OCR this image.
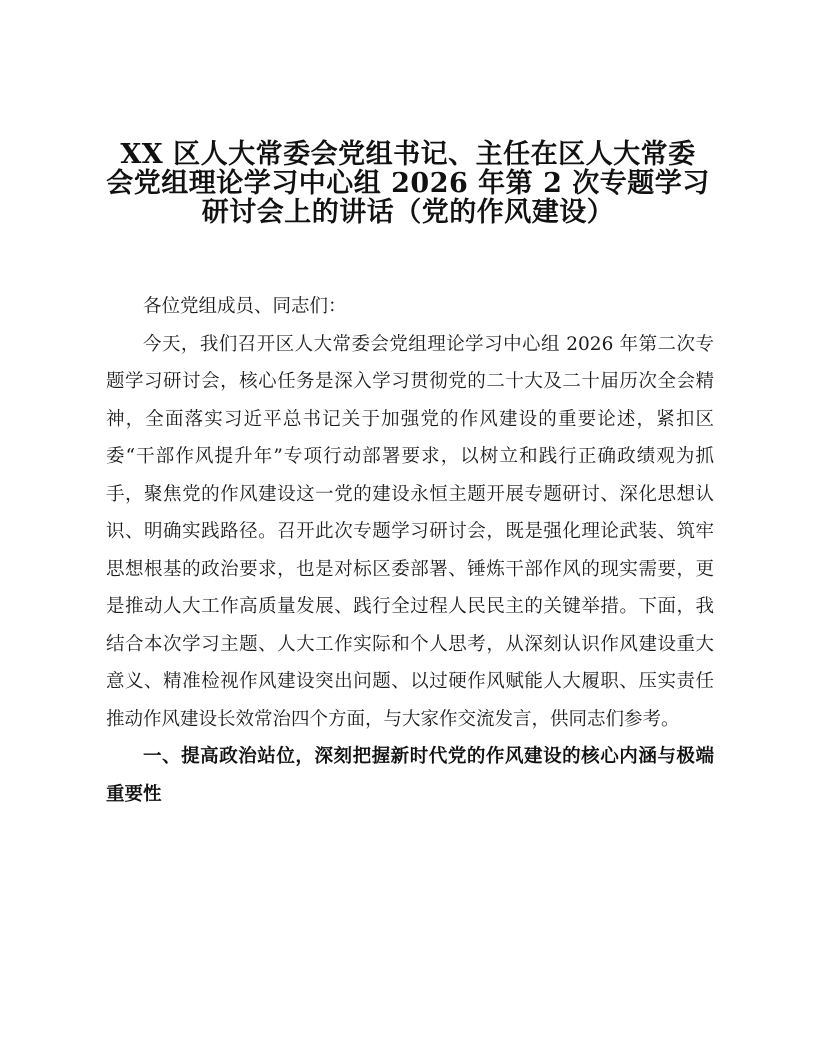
XX 区人大常委会党组书记、主任在区人大常委
会党组理论学习中心组 2026 年第 2 次专题学习
研讨会上的讲话（党的作风建设）

各位党组成员、同志们：

今天，我们召开区人大常委会党组理论学习中心组 2026 年第二次专题学习研讨会，核心任务是深入学习贯彻党的二十大及二十届历次全会精神，全面落实习近平总书记关于加强党的作风建设的重要论述，紧扣区委“干部作风提升年”专项行动部署要求，以树立和践行正确政绩观为抓手，聚焦党的作风建设这一党的建设永恒主题开展专题研讨、深化思想认识、明确实践路径。召开此次专题学习研讨会，既是强化理论武装、筑牢思想根基的政治要求，也是对标区委部署、锤炼干部作风的现实需要，更是推动人大工作高质量发展、践行全过程人民民主的关键举措。下面，我结合本次学习主题、人大工作实际和个人思考，从深刻认识作风建设重大意义、精准检视作风建设突出问题、以过硬作风赋能人大履职、压实责任推动作风建设长效常治四个方面，与大家作交流发言，供同志们参考。

一、提高政治站位，深刻把握新时代党的作风建设的核心内涵与极端重要性
